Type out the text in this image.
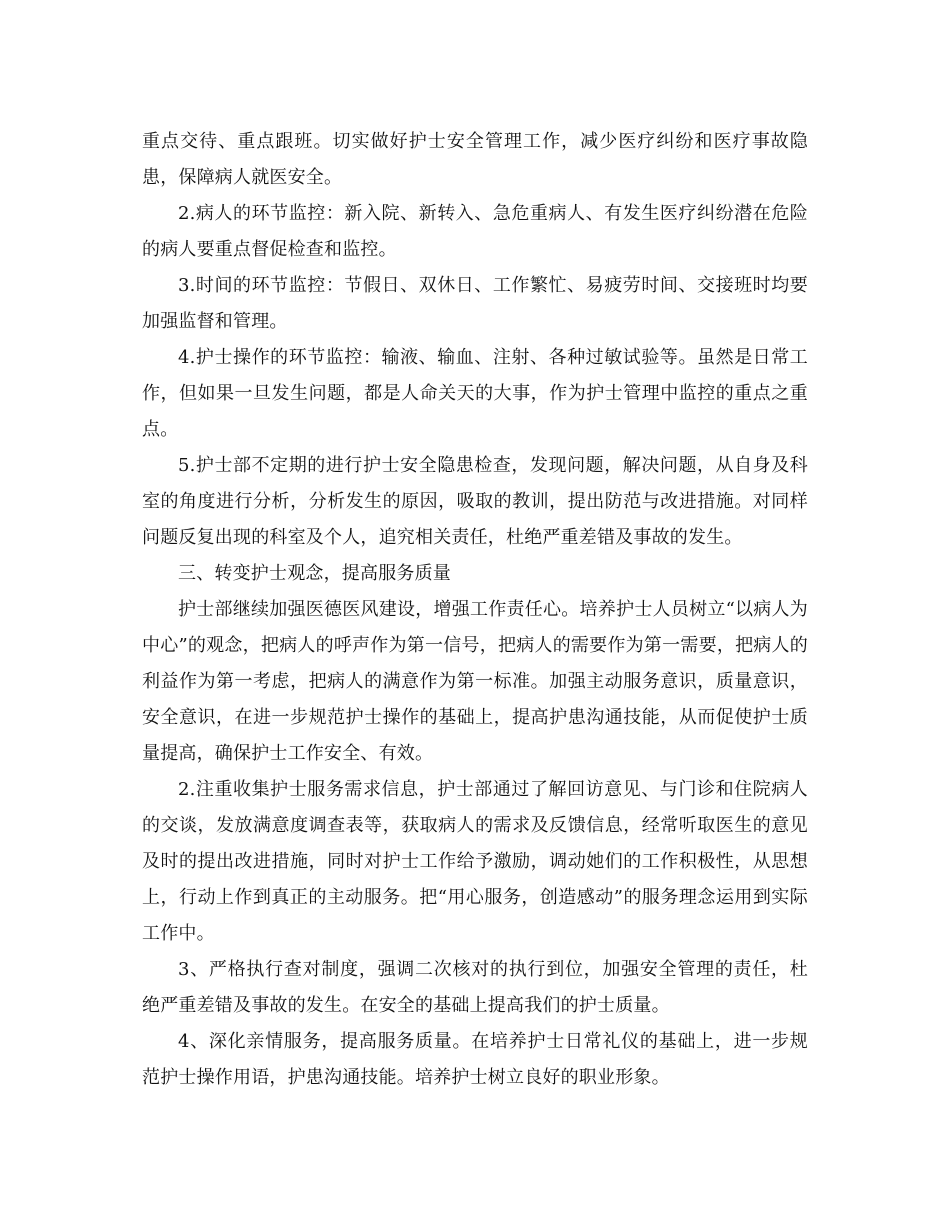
重点交待、重点跟班。切实做好护士安全管理工作，减少医疗纠纷和医疗事故隐患，保障病人就医安全。

2.病人的环节监控：新入院、新转入、急危重病人、有发生医疗纠纷潜在危险的病人要重点督促检查和监控。

3.时间的环节监控：节假日、双休日、工作繁忙、易疲劳时间、交接班时均要加强监督和管理。

4.护士操作的环节监控：输液、输血、注射、各种过敏试验等。虽然是日常工作，但如果一旦发生问题，都是人命关天的大事，作为护士管理中监控的重点之重点。

5.护士部不定期的进行护士安全隐患检查，发现问题，解决问题，从自身及科室的角度进行分析，分析发生的原因，吸取的教训，提出防范与改进措施。对同样问题反复出现的科室及个人，追究相关责任，杜绝严重差错及事故的发生。

三、转变护士观念，提高服务质量

护士部继续加强医德医风建设，增强工作责任心。培养护士人员树立“以病人为中心”的观念，把病人的呼声作为第一信号，把病人的需要作为第一需要，把病人的利益作为第一考虑，把病人的满意作为第一标准。加强主动服务意识，质量意识，安全意识，在进一步规范护士操作的基础上，提高护患沟通技能，从而促使护士质量提高，确保护士工作安全、有效。

2.注重收集护士服务需求信息，护士部通过了解回访意见、与门诊和住院病人的交谈，发放满意度调查表等，获取病人的需求及反馈信息，经常听取医生的意见及时的提出改进措施，同时对护士工作给予激励，调动她们的工作积极性，从思想上，行动上作到真正的主动服务。把“用心服务，创造感动”的服务理念运用到实际工作中。

3、严格执行查对制度，强调二次核对的执行到位，加强安全管理的责任，杜绝严重差错及事故的发生。在安全的基础上提高我们的护士质量。

4、深化亲情服务，提高服务质量。在培养护士日常礼仪的基础上，进一步规范护士操作用语，护患沟通技能。培养护士树立良好的职业形象。
